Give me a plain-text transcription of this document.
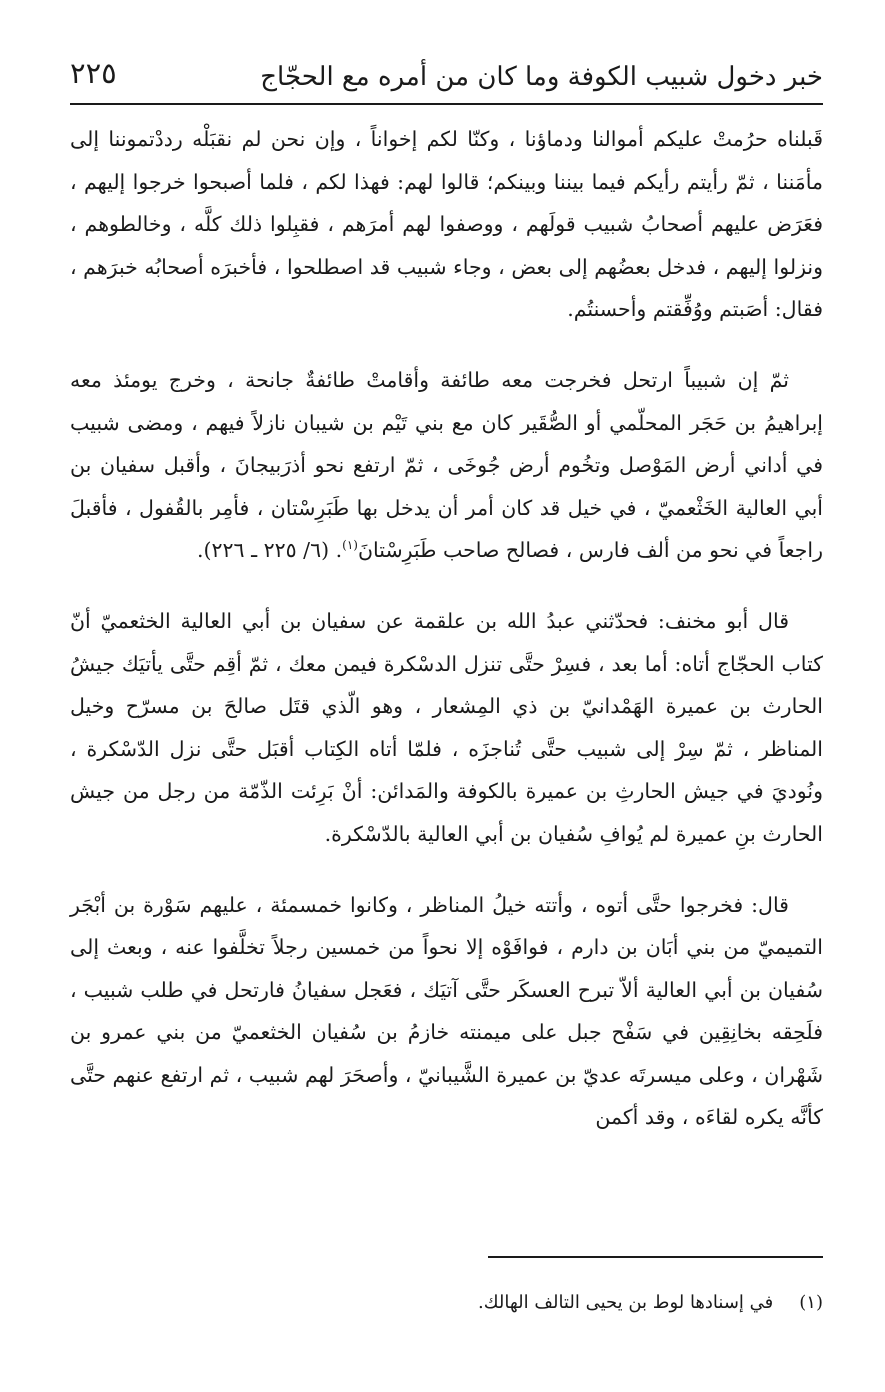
٢٢٥	خبر دخول شبيب الكوفة وما كان من أمره مع الحجّاج

قَبلناه حرُمتْ عليكم أموالنا ودماؤنا ، وكنّا لكم إخواناً ، وإن نحن لم نقبَلْه رددْتموننا إلى مأمَننا ، ثمّ رأيتم رأيكم فيما بيننا وبينكم؛ قالوا لهم: فهذا لكم ، فلما أصبحوا خرجوا إليهم ، فعَرَض عليهم أصحابُ شبيب قولَهم ، ووصفوا لهم أمرَهم ، فقبِلوا ذلك كلَّه ، وخالطوهم ، ونزلوا إليهم ، فدخل بعضُهم إلى بعض ، وجاء شبيب قد اصطلحوا ، فأخبرَه أصحابُه خبرَهم ، فقال: أصَبتم ووُفِّقتم وأحسنتُم.

ثمّ إن شبيباً ارتحل فخرجت معه طائفة وأقامتْ طائفةٌ جانحة ، وخرج يومئذ معه إبراهيمُ بن حَجَر المحلّمي أو الصُّقَير كان مع بني تَيْم بن شيبان نازلاً فيهم ، ومضى شبيب في أداني أرض المَوْصل وتخُوم أرض جُوخَى ، ثمّ ارتفع نحو أذرَبيجانَ ، وأقبل سفيان بن أبي العالية الخَثْعميّ ، في خيل قد كان أمر أن يدخل بها طَبَرِسْتان ، فأمِر بالقُفول ، فأقبلَ راجعاً في نحو من ألف فارس ، فصالح صاحب طَبَرِسْتانَ$^{(١)}$. (٦/ ٢٢٥ ـ ٢٢٦).

قال أبو مخنف: فحدّثني عبدُ الله بن علقمة عن سفيان بن أبي العالية الخثعميّ أنّ كتاب الحجّاج أتاه: أما بعد ، فسِرْ حتَّى تنزل الدسْكرة فيمن معك ، ثمّ أقِم حتَّى يأتيَك جيشُ الحارث بن عميرة الهَمْدانيّ بن ذي المِشعار ، وهو الّذي قتَل صالحَ بن مسرّح وخيل المناظر ، ثمّ سِرْ إلى شبيب حتَّى تُناجزَه ، فلمّا أتاه الكِتاب أقبَل حتَّى نزل الدّسْكرة ، ونُوديَ في جيش الحارثِ بن عميرة بالكوفة والمَدائن: أنْ بَرِئت الذّمّة من رجل من جيش الحارث بنِ عميرة لم يُوافِ سُفيان بن أبي العالية بالدّسْكرة.

قال: فخرجوا حتَّى أتوه ، وأتته خيلُ المناظر ، وكانوا خمسمئة ، عليهم سَوْرة بن أبْجَر التميميّ من بني أبَان بن دارم ، فوافَوْه إلا نحواً من خمسين رجلاً تخلَّفوا عنه ، وبعث إلى سُفيان بن أبي العالية ألاّ تبرح العسكَر حتَّى آتيَك ، فعَجل سفيانُ فارتحل في طلب شبيب ، فلَحِقه بخانِقِين في سَفْح جبل على ميمنته خازمُ بن سُفيان الخثعميّ من بني عمرو بن شَهْران ، وعلى ميسرتَه عديّ بن عميرة الشَّيبانيّ ، وأصحَرَ لهم شبيب ، ثم ارتفع عنهم حتَّى كأنَّه يكره لقاءَه ، وقد أكمن

(١)في إسنادها لوط بن يحيى التالف الهالك.
